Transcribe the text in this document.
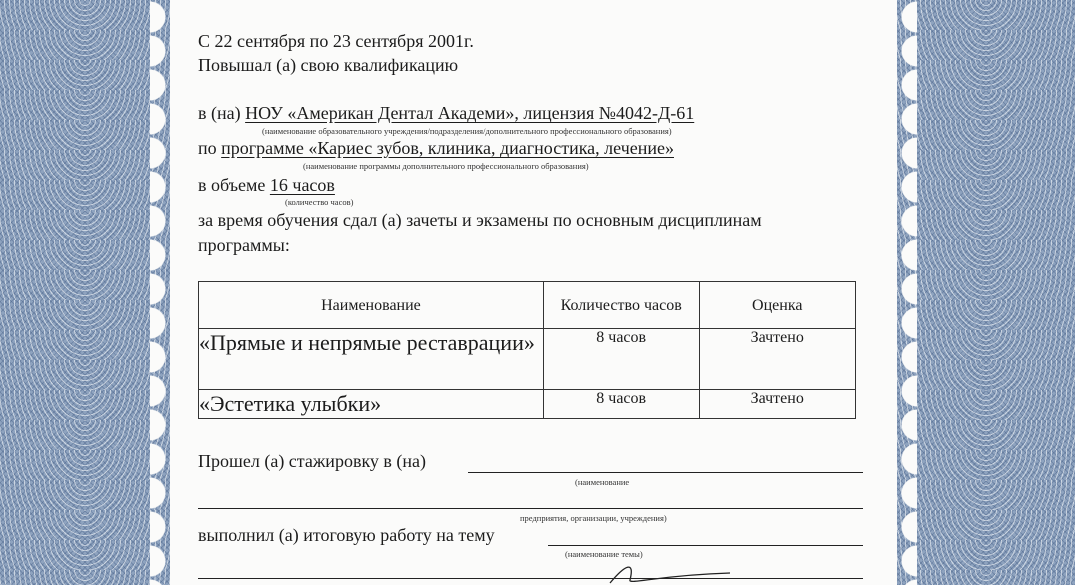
С 22 сентября по 23 сентября 2001г.
Повышал (а) свою квалификацию
в (на) НОУ «Американ Дентал Академи», лицензия №4042-Д-61
(наименование образовательного учреждения/подразделения/дополнительного профессионального образования)
по программе «Кариес зубов, клиника, диагностика, лечение»
(наименование программы дополнительного профессионального образования)
в объеме 16 часов
(количество часов)
за время обучения сдал (а) зачеты и экзамены по основным дисциплинам
программы:
Наименование	Количество часов	Оценка
«Прямые и непрямые реставрации»	8 часов	Зачтено
«Эстетика улыбки»	8 часов	Зачтено
Прошел (а) стажировку в (на)
(наименование
предприятия, организации, учреждения)
выполнил (а) итоговую работу на тему
(наименование темы)
